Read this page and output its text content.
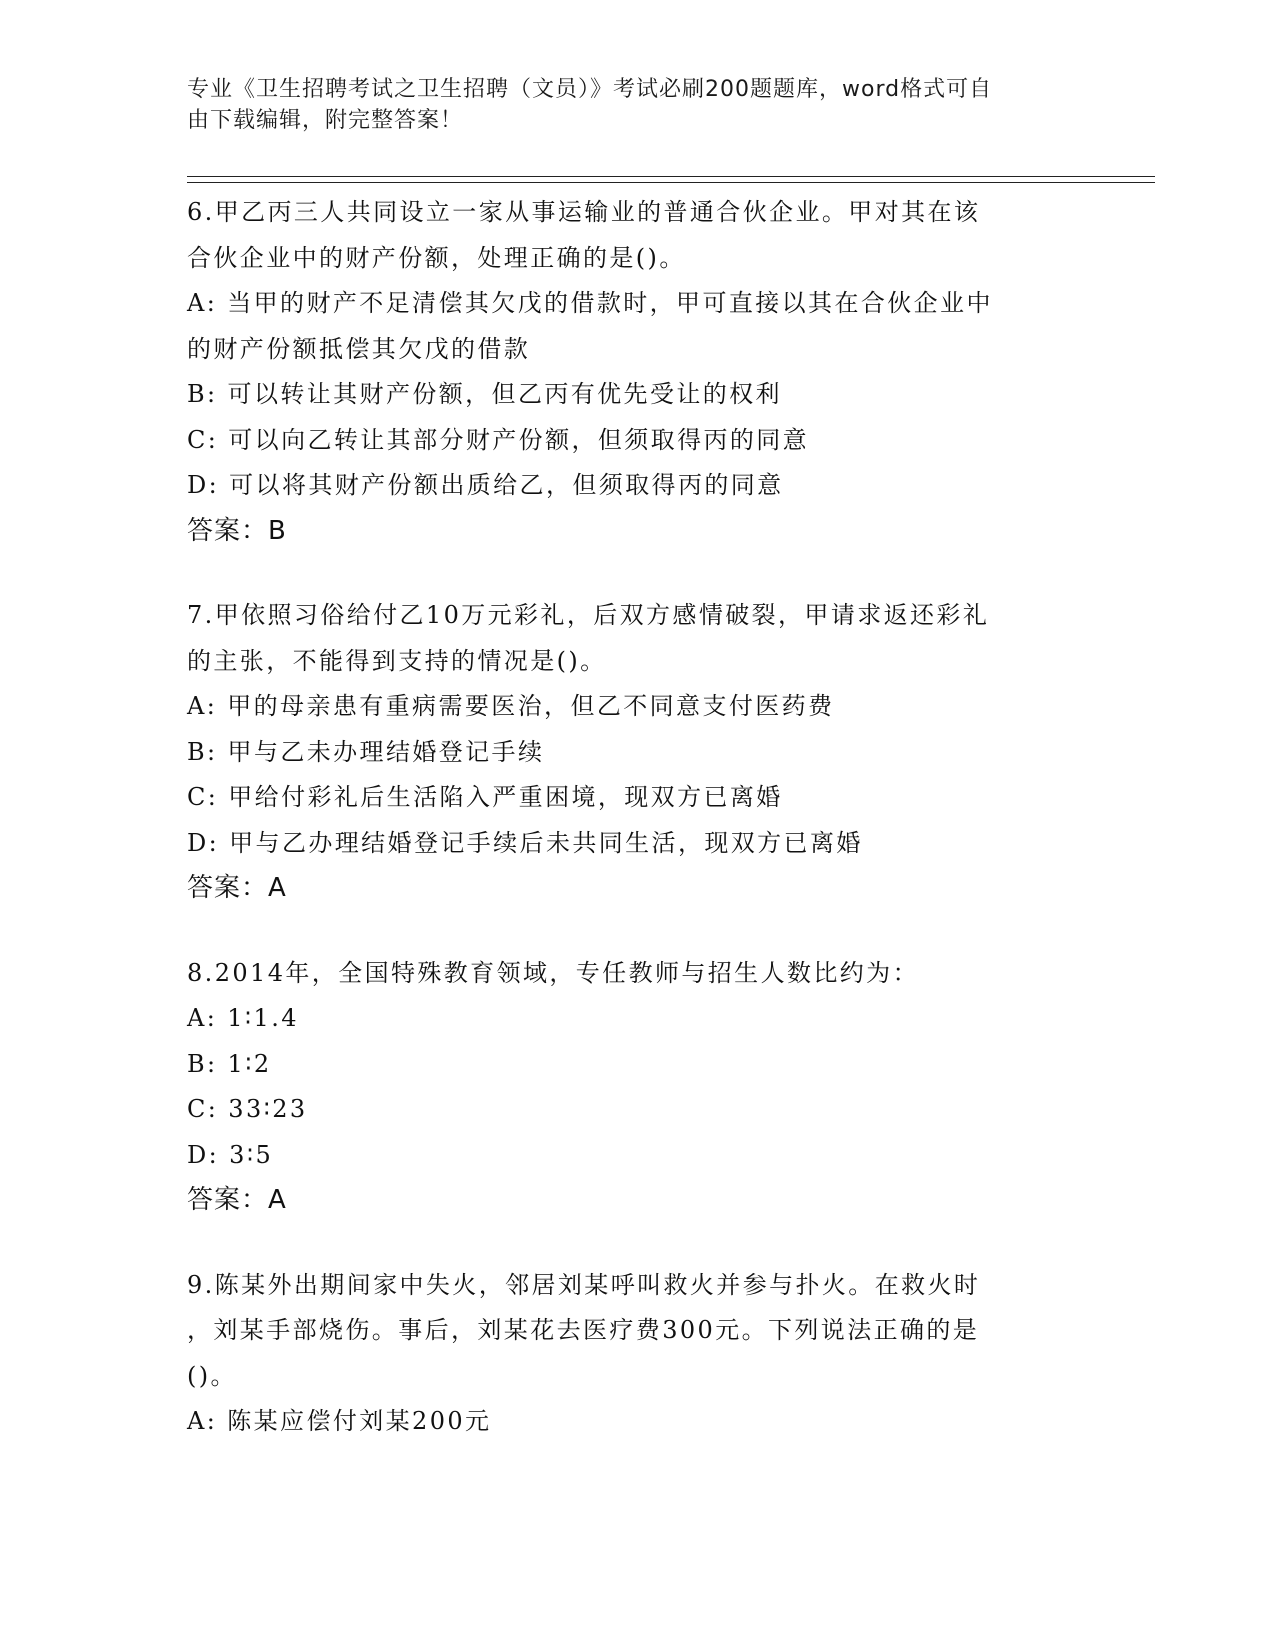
专业《卫生招聘考试之卫生招聘（文员）》考试必刷200题题库，word格式可自
由下载编辑，附完整答案！
6.甲乙丙三人共同设立一家从事运输业的普通合伙企业。甲对其在该
合伙企业中的财产份额，处理正确的是()。
A: 当甲的财产不足清偿其欠戊的借款时，甲可直接以其在合伙企业中
的财产份额抵偿其欠戊的借款
B: 可以转让其财产份额，但乙丙有优先受让的权利
C: 可以向乙转让其部分财产份额，但须取得丙的同意
D: 可以将其财产份额出质给乙，但须取得丙的同意
答案：B
7.甲依照习俗给付乙10万元彩礼，后双方感情破裂，甲请求返还彩礼
的主张，不能得到支持的情况是()。
A: 甲的母亲患有重病需要医治，但乙不同意支付医药费
B: 甲与乙未办理结婚登记手续
C: 甲给付彩礼后生活陷入严重困境，现双方已离婚
D: 甲与乙办理结婚登记手续后未共同生活，现双方已离婚
答案：A
8.2014年，全国特殊教育领域，专任教师与招生人数比约为：
A: 1∶1.4
B: 1∶2
C: 33∶23
D: 3∶5
答案：A
9.陈某外出期间家中失火，邻居刘某呼叫救火并参与扑火。在救火时
，刘某手部烧伤。事后，刘某花去医疗费300元。下列说法正确的是
()。
A: 陈某应偿付刘某200元
